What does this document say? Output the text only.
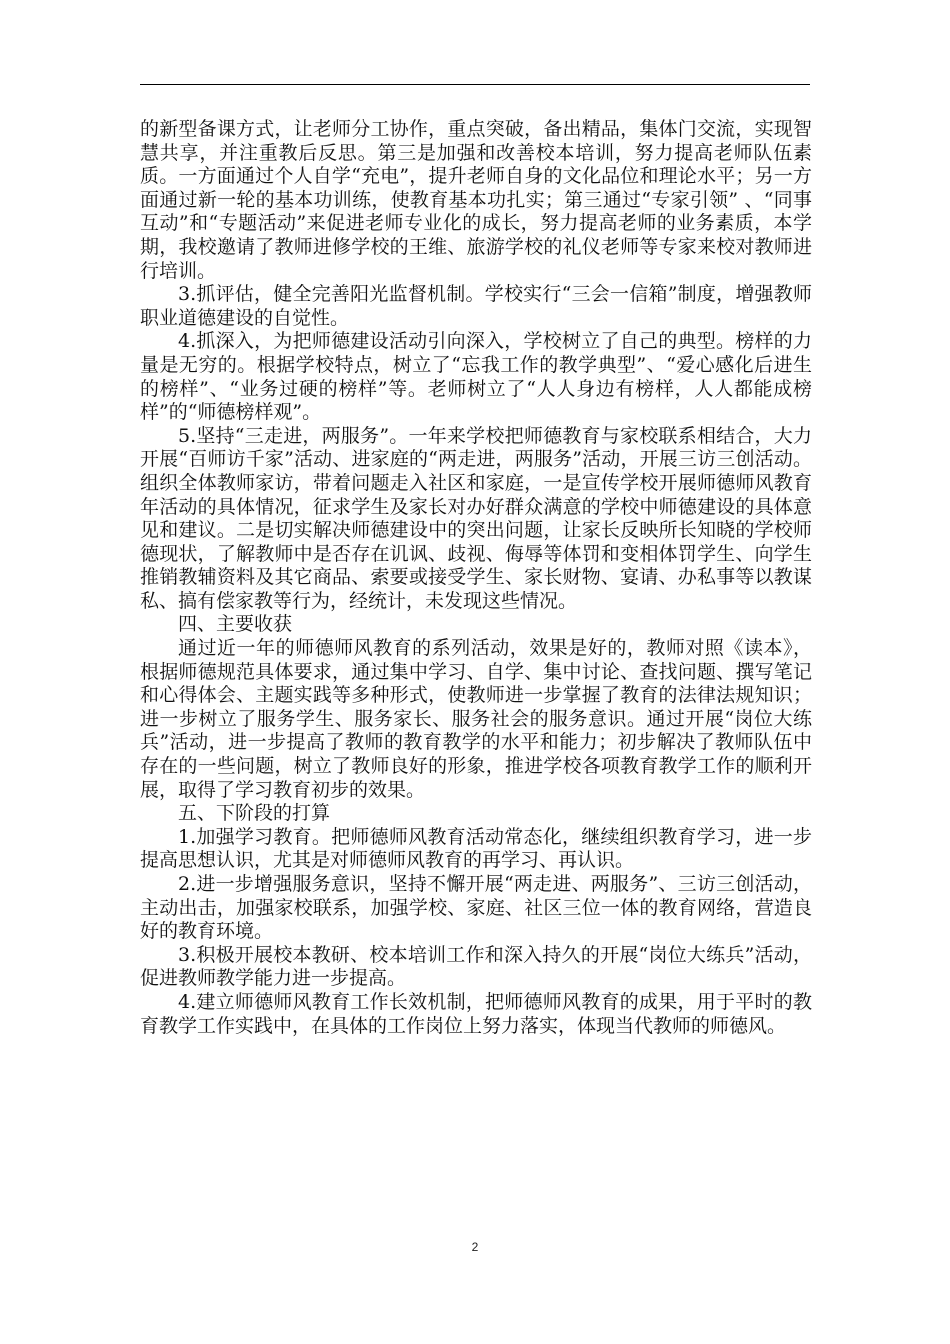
的新型备课方式，让老师分工协作，重点突破，备出精品，集体门交流，实现智慧共享，并注重教后反思。第三是加强和改善校本培训，努力提高老师队伍素质。一方面通过个人自学“充电”，提升老师自身的文化品位和理论水平；另一方面通过新一轮的基本功训练，使教育基本功扎实；第三通过“专家引领” 、“同事互动”和“专题活动”来促进老师专业化的成长，努力提高老师的业务素质，本学期，我校邀请了教师进修学校的王维、旅游学校的礼仪老师等专家来校对教师进行培训。

3.抓评估，健全完善阳光监督机制。学校实行“三会一信箱”制度，增强教师职业道德建设的自觉性。

4.抓深入，为把师德建设活动引向深入，学校树立了自己的典型。榜样的力量是无穷的。根据学校特点，树立了“忘我工作的教学典型”、“爱心感化后进生的榜样”、“业务过硬的榜样”等。老师树立了“人人身边有榜样，人人都能成榜样”的“师德榜样观”。

5.坚持“三走进，两服务”。一年来学校把师德教育与家校联系相结合，大力开展“百师访千家”活动、进家庭的“两走进，两服务”活动，开展三访三创活动。组织全体教师家访，带着问题走入社区和家庭，一是宣传学校开展师德师风教育年活动的具体情况，征求学生及家长对办好群众满意的学校中师德建设的具体意见和建议。二是切实解决师德建设中的突出问题，让家长反映所长知晓的学校师德现状，了解教师中是否存在讥讽、歧视、侮辱等体罚和变相体罚学生、向学生推销教辅资料及其它商品、索要或接受学生、家长财物、宴请、办私事等以教谋私、搞有偿家教等行为，经统计，未发现这些情况。

四、主要收获

通过近一年的师德师风教育的系列活动，效果是好的，教师对照《读本》，根据师德规范具体要求，通过集中学习、自学、集中讨论、查找问题、撰写笔记和心得体会、主题实践等多种形式，使教师进一步掌握了教育的法律法规知识；进一步树立了服务学生、服务家长、服务社会的服务意识。通过开展“岗位大练兵”活动，进一步提高了教师的教育教学的水平和能力；初步解决了教师队伍中存在的一些问题，树立了教师良好的形象，推进学校各项教育教学工作的顺利开展，取得了学习教育初步的效果。

五、下阶段的打算

1.加强学习教育。把师德师风教育活动常态化，继续组织教育学习，进一步提高思想认识，尤其是对师德师风教育的再学习、再认识。

2.进一步增强服务意识，坚持不懈开展“两走进、两服务”、三访三创活动，主动出击，加强家校联系，加强学校、家庭、社区三位一体的教育网络，营造良好的教育环境。

3.积极开展校本教研、校本培训工作和深入持久的开展“岗位大练兵”活动，促进教师教学能力进一步提高。

4.建立师德师风教育工作长效机制，把师德师风教育的成果，用于平时的教育教学工作实践中，在具体的工作岗位上努力落实，体现当代教师的师德风。

2
